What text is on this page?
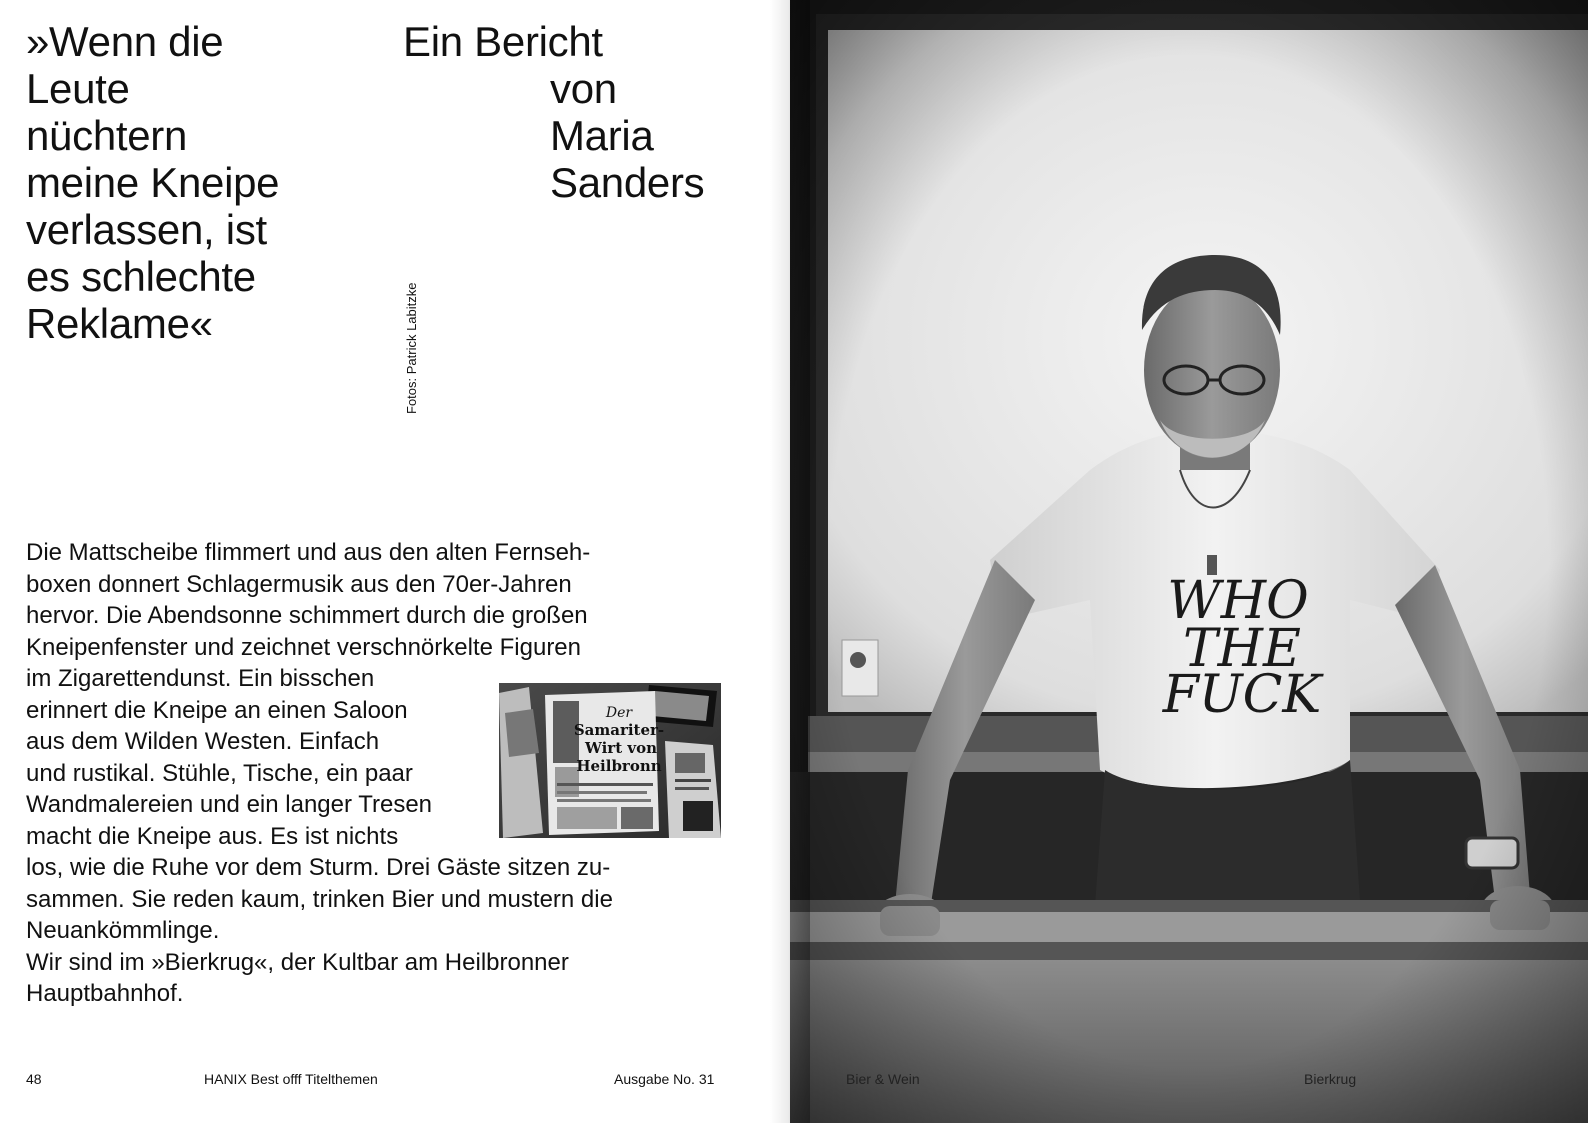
»Wenn die
Leute
nüchtern
meine Kneipe
verlassen, ist
es schlechte
Reklame«
Ein Bericht
von
Maria
Sanders
Fotos: Patrick Labitzke
Die Mattscheibe flimmert und aus den alten Fernseh-
boxen donnert Schlagermusik aus den 70er-Jahren
hervor. Die Abendsonne schimmert durch die großen
Kneipenfenster und zeichnet verschnörkelte Figuren
im Zigarettendunst. Ein bisschen
erinnert die Kneipe an einen Saloon
aus dem Wilden Westen. Einfach
und rustikal. Stühle, Tische, ein paar
Wandmalereien und ein langer Tresen
macht die Kneipe aus. Es ist nichts
los, wie die Ruhe vor dem Sturm. Drei Gäste sitzen zu-
sammen. Sie reden kaum, trinken Bier und mustern die
Neuankömmlinge.
Wir sind im »Bierkrug«, der Kultbar am Heilbronner
Hauptbahnhof.
Der
Samariter-
Wirt von
Heilbronn
48	HANIX Best offf Titelthemen	Ausgabe No. 31	Bier & Wein	Bierkrug
